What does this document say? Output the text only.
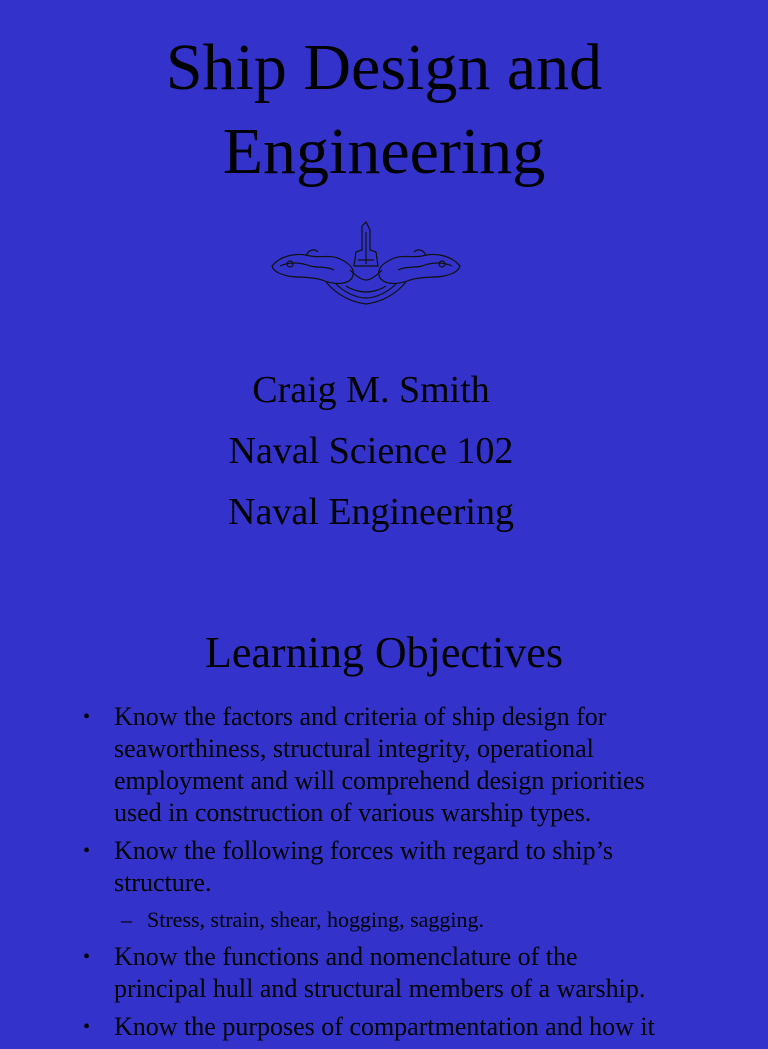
Ship Design and
Engineering
Craig M. Smith
Naval Science 102
Naval Engineering
Learning Objectives
• Know the factors and criteria of ship design for
seaworthiness, structural integrity, operational
employment and will comprehend design priorities
used in construction of various warship types.
• Know the following forces with regard to ship’s
structure.
– Stress, strain, shear, hogging, sagging.
• Know the functions and nomenclature of the
principal hull and structural members of a warship.
• Know the purposes of compartmentation and how it
